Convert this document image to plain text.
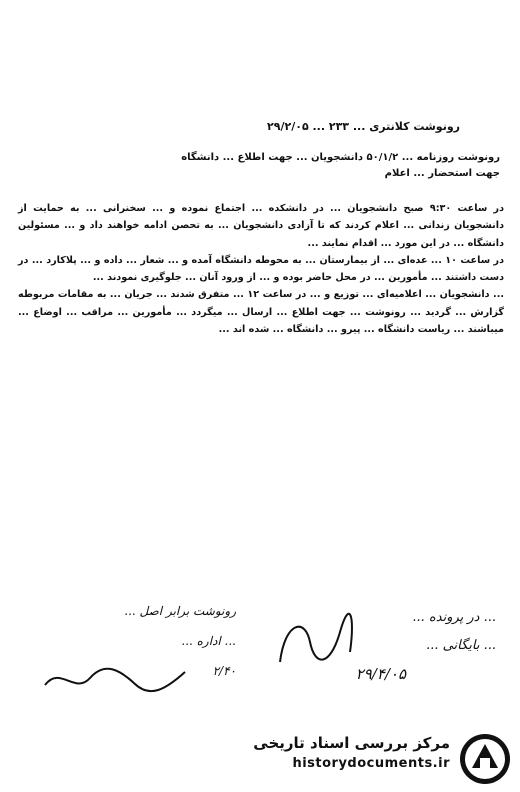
رونوشت کلانتری ... ۲۳۳ ... ۲۹/۲/۰۵
رونوشت روزنامه ... ۵۰/۱/۲ دانشجویان ... جهت اطلاع ... دانشگاه
جهت استحضار ... اعلام

در ساعت ۹:۳۰ صبح دانشجویان ... در دانشکده ... اجتماع نموده و ... سخنرانی ... به حمایت از دانشجویان زندانی ... اعلام کردند که تا آزادی دانشجویان ... به تحصن ادامه خواهند داد و ... مسئولین دانشگاه ... در این مورد ... اقدام نمایند ...

در ساعت ۱۰ ... عده‌ای ... از بیمارستان ... به محوطه دانشگاه آمده و ... شعار ... داده و ... پلاکارد ... در دست داشتند ... مأمورین ... در محل حاضر بوده و ... از ورود آنان ... جلوگیری نمودند ...

... دانشجویان ... اعلامیه‌ای ... توزیع و ... در ساعت ۱۲ ... متفرق شدند ... جریان ... به مقامات مربوطه گزارش ... گردید ... رونوشت ... جهت اطلاع ... ارسال ... میگردد ... مأمورین ... مراقب ... اوضاع ... میباشند ... ریاست دانشگاه ... پیرو ... دانشگاه ... شده اند ...

رونوشت برابر اصل ...
... اداره ...
۲/۴۰
... در پرونده ...
... بایگانی ...
۲۹/۴/۰۵
مرکز بررسی اسناد تاریخی
historydocuments.ir
